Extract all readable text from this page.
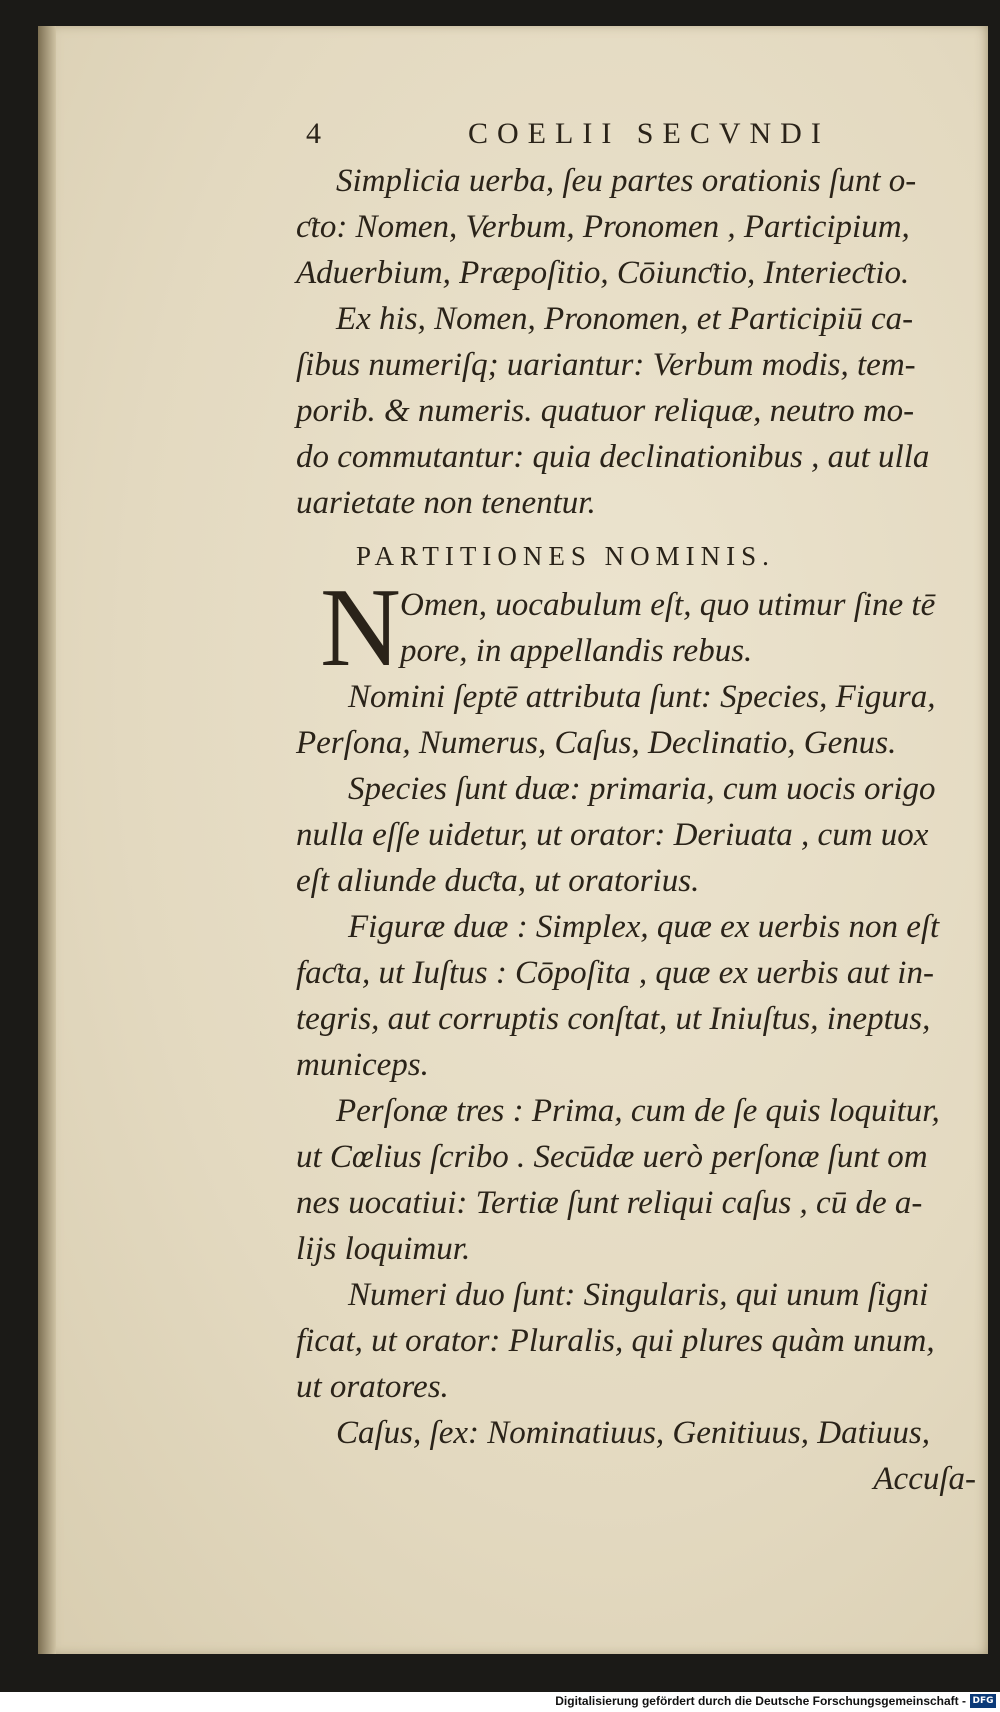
4	COELII SECVNDI
Simplicia uerba, ſeu partes orationis ſunt o-
ƈto: Nomen, Verbum, Pronomen , Participium,
Aduerbium, Præpoſitio, Cōiunƈtio, Interieƈtio.
Ex his, Nomen, Pronomen, et Participiū ca-
ſibus numeriſq; uariantur: Verbum modis, tem-
porib. & numeris. quatuor reliquæ, neutro mo-
do commutantur: quia declinationibus , aut ulla
uarietate non tenentur.
PARTITIONES NOMINIS.
N Omen, uocabulum eſt, quo utimur ſine tē
pore, in appellandis rebus.
Nomini ſeptē attributa ſunt: Species, Figura,
Perſona, Numerus, Caſus, Declinatio, Genus.
Species ſunt duæ: primaria, cum uocis origo
nulla eſſe uidetur, ut orator: Deriuata , cum uox
eſt aliunde duƈta, ut oratorius.
Figuræ duæ : Simplex, quæ ex uerbis non eſt
faƈta, ut Iuſtus : Cōpoſita , quæ ex uerbis aut in-
tegris, aut corruptis conſtat, ut Iniuſtus, ineptus,
municeps.
Perſonæ tres : Prima, cum de ſe quis loquitur,
ut Cœlius ſcribo . Secūdæ uerò perſonæ ſunt om
nes uocatiui: Tertiæ ſunt reliqui caſus , cū de a-
lijs loquimur.
Numeri duo ſunt: Singularis, qui unum ſigni
ficat, ut orator: Pluralis, qui plures quàm unum,
ut oratores.
Caſus, ſex: Nominatiuus, Genitiuus, Datiuus,
Accuſa-
Digitalisierung gefördert durch die Deutsche Forschungsgemeinschaft - DFG
